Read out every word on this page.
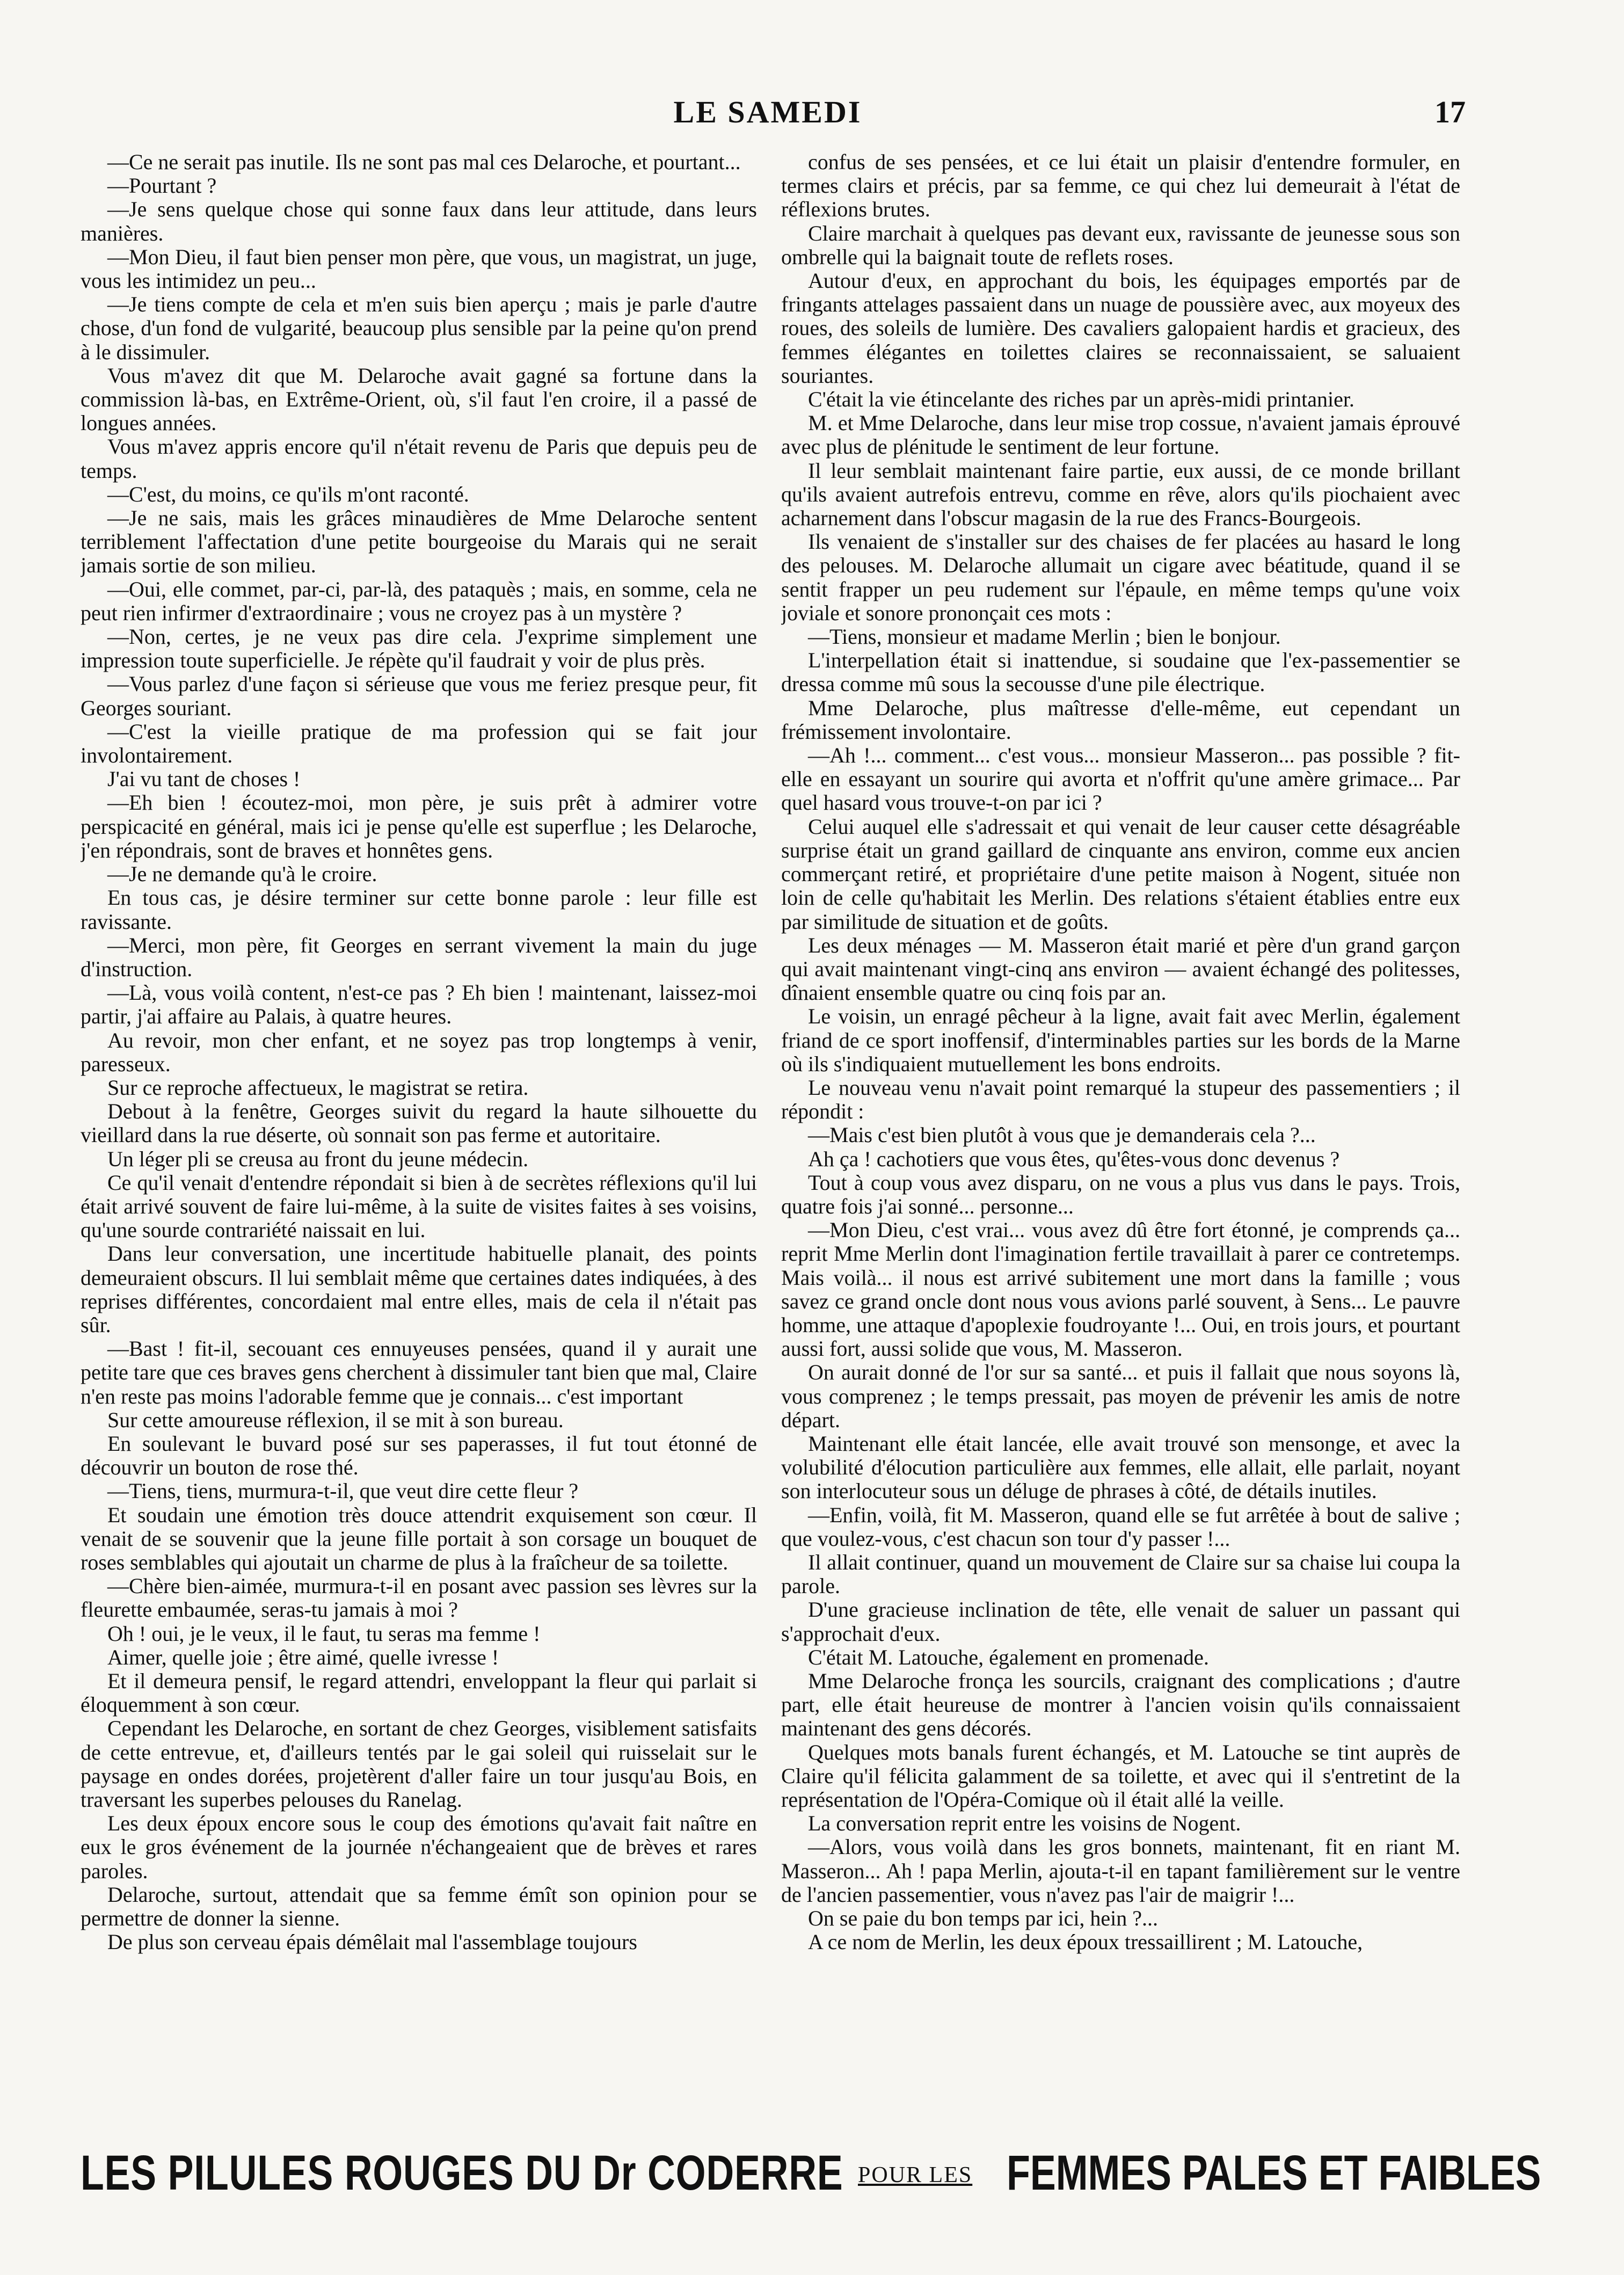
LE SAMEDI	17

—Ce ne serait pas inutile. Ils ne sont pas mal ces Delaroche, et pourtant...

—Pourtant ?

—Je sens quelque chose qui sonne faux dans leur attitude, dans leurs manières.

—Mon Dieu, il faut bien penser mon père, que vous, un magistrat, un juge, vous les intimidez un peu...

—Je tiens compte de cela et m'en suis bien aperçu ; mais je parle d'autre chose, d'un fond de vulgarité, beaucoup plus sensible par la peine qu'on prend à le dissimuler.

Vous m'avez dit que M. Delaroche avait gagné sa fortune dans la commission là-bas, en Extrême-Orient, où, s'il faut l'en croire, il a passé de longues années.

Vous m'avez appris encore qu'il n'était revenu de Paris que depuis peu de temps.

—C'est, du moins, ce qu'ils m'ont raconté.

—Je ne sais, mais les grâces minaudières de Mme Delaroche sentent terriblement l'affectation d'une petite bourgeoise du Marais qui ne serait jamais sortie de son milieu.

—Oui, elle commet, par-ci, par-là, des pataquès ; mais, en somme, cela ne peut rien infirmer d'extraordinaire ; vous ne croyez pas à un mystère ?

—Non, certes, je ne veux pas dire cela. J'exprime simplement une impression toute superficielle. Je répète qu'il faudrait y voir de plus près.

—Vous parlez d'une façon si sérieuse que vous me feriez presque peur, fit Georges souriant.

—C'est la vieille pratique de ma profession qui se fait jour involontairement.

J'ai vu tant de choses !

—Eh bien ! écoutez-moi, mon père, je suis prêt à admirer votre perspicacité en général, mais ici je pense qu'elle est superflue ; les Delaroche, j'en répondrais, sont de braves et honnêtes gens.

—Je ne demande qu'à le croire.

En tous cas, je désire terminer sur cette bonne parole : leur fille est ravissante.

—Merci, mon père, fit Georges en serrant vivement la main du juge d'instruction.

—Là, vous voilà content, n'est-ce pas ? Eh bien ! maintenant, laissez-moi partir, j'ai affaire au Palais, à quatre heures.

Au revoir, mon cher enfant, et ne soyez pas trop longtemps à venir, paresseux.

Sur ce reproche affectueux, le magistrat se retira.

Debout à la fenêtre, Georges suivit du regard la haute silhouette du vieillard dans la rue déserte, où sonnait son pas ferme et autoritaire.

Un léger pli se creusa au front du jeune médecin.

Ce qu'il venait d'entendre répondait si bien à de secrètes réflexions qu'il lui était arrivé souvent de faire lui-même, à la suite de visites faites à ses voisins, qu'une sourde contrariété naissait en lui.

Dans leur conversation, une incertitude habituelle planait, des points demeuraient obscurs. Il lui semblait même que certaines dates indiquées, à des reprises différentes, concordaient mal entre elles, mais de cela il n'était pas sûr.

—Bast ! fit-il, secouant ces ennuyeuses pensées, quand il y aurait une petite tare que ces braves gens cherchent à dissimuler tant bien que mal, Claire n'en reste pas moins l'adorable femme que je connais... c'est important

Sur cette amoureuse réflexion, il se mit à son bureau.

En soulevant le buvard posé sur ses paperasses, il fut tout étonné de découvrir un bouton de rose thé.

—Tiens, tiens, murmura-t-il, que veut dire cette fleur ?

Et soudain une émotion très douce attendrit exquisement son cœur. Il venait de se souvenir que la jeune fille portait à son corsage un bouquet de roses semblables qui ajoutait un charme de plus à la fraîcheur de sa toilette.

—Chère bien-aimée, murmura-t-il en posant avec passion ses lèvres sur la fleurette embaumée, seras-tu jamais à moi ?

Oh ! oui, je le veux, il le faut, tu seras ma femme !

Aimer, quelle joie ; être aimé, quelle ivresse !

Et il demeura pensif, le regard attendri, enveloppant la fleur qui parlait si éloquemment à son cœur.

Cependant les Delaroche, en sortant de chez Georges, visiblement satisfaits de cette entrevue, et, d'ailleurs tentés par le gai soleil qui ruisselait sur le paysage en ondes dorées, projetèrent d'aller faire un tour jusqu'au Bois, en traversant les superbes pelouses du Ranelag.

Les deux époux encore sous le coup des émotions qu'avait fait naître en eux le gros événement de la journée n'échangeaient que de brèves et rares paroles.

Delaroche, surtout, attendait que sa femme émît son opinion pour se permettre de donner la sienne.

De plus son cerveau épais démêlait mal l'assemblage toujours

confus de ses pensées, et ce lui était un plaisir d'entendre formuler, en termes clairs et précis, par sa femme, ce qui chez lui demeurait à l'état de réflexions brutes.

Claire marchait à quelques pas devant eux, ravissante de jeunesse sous son ombrelle qui la baignait toute de reflets roses.

Autour d'eux, en approchant du bois, les équipages emportés par de fringants attelages passaient dans un nuage de poussière avec, aux moyeux des roues, des soleils de lumière. Des cavaliers galopaient hardis et gracieux, des femmes élégantes en toilettes claires se reconnaissaient, se saluaient souriantes.

C'était la vie étincelante des riches par un après-midi printanier.

M. et Mme Delaroche, dans leur mise trop cossue, n'avaient jamais éprouvé avec plus de plénitude le sentiment de leur fortune.

Il leur semblait maintenant faire partie, eux aussi, de ce monde brillant qu'ils avaient autrefois entrevu, comme en rêve, alors qu'ils piochaient avec acharnement dans l'obscur magasin de la rue des Francs-Bourgeois.

Ils venaient de s'installer sur des chaises de fer placées au hasard le long des pelouses. M. Delaroche allumait un cigare avec béatitude, quand il se sentit frapper un peu rudement sur l'épaule, en même temps qu'une voix joviale et sonore prononçait ces mots :

—Tiens, monsieur et madame Merlin ; bien le bonjour.

L'interpellation était si inattendue, si soudaine que l'ex-passementier se dressa comme mû sous la secousse d'une pile électrique.

Mme Delaroche, plus maîtresse d'elle-même, eut cependant un frémissement involontaire.

—Ah !... comment... c'est vous... monsieur Masseron... pas possible ? fit-elle en essayant un sourire qui avorta et n'offrit qu'une amère grimace... Par quel hasard vous trouve-t-on par ici ?

Celui auquel elle s'adressait et qui venait de leur causer cette désagréable surprise était un grand gaillard de cinquante ans environ, comme eux ancien commerçant retiré, et propriétaire d'une petite maison à Nogent, située non loin de celle qu'habitait les Merlin. Des relations s'étaient établies entre eux par similitude de situation et de goûts.

Les deux ménages — M. Masseron était marié et père d'un grand garçon qui avait maintenant vingt-cinq ans environ — avaient échangé des politesses, dînaient ensemble quatre ou cinq fois par an.

Le voisin, un enragé pêcheur à la ligne, avait fait avec Merlin, également friand de ce sport inoffensif, d'interminables parties sur les bords de la Marne où ils s'indiquaient mutuellement les bons endroits.

Le nouveau venu n'avait point remarqué la stupeur des passementiers ; il répondit :

—Mais c'est bien plutôt à vous que je demanderais cela ?...

Ah ça ! cachotiers que vous êtes, qu'êtes-vous donc devenus ?

Tout à coup vous avez disparu, on ne vous a plus vus dans le pays. Trois, quatre fois j'ai sonné... personne...

—Mon Dieu, c'est vrai... vous avez dû être fort étonné, je comprends ça... reprit Mme Merlin dont l'imagination fertile travaillait à parer ce contretemps. Mais voilà... il nous est arrivé subitement une mort dans la famille ; vous savez ce grand oncle dont nous vous avions parlé souvent, à Sens... Le pauvre homme, une attaque d'apoplexie foudroyante !... Oui, en trois jours, et pourtant aussi fort, aussi solide que vous, M. Masseron.

On aurait donné de l'or sur sa santé... et puis il fallait que nous soyons là, vous comprenez ; le temps pressait, pas moyen de prévenir les amis de notre départ.

Maintenant elle était lancée, elle avait trouvé son mensonge, et avec la volubilité d'élocution particulière aux femmes, elle allait, elle parlait, noyant son interlocuteur sous un déluge de phrases à côté, de détails inutiles.

—Enfin, voilà, fit M. Masseron, quand elle se fut arrêtée à bout de salive ; que voulez-vous, c'est chacun son tour d'y passer !...

Il allait continuer, quand un mouvement de Claire sur sa chaise lui coupa la parole.

D'une gracieuse inclination de tête, elle venait de saluer un passant qui s'approchait d'eux.

C'était M. Latouche, également en promenade.

Mme Delaroche fronça les sourcils, craignant des complications ; d'autre part, elle était heureuse de montrer à l'ancien voisin qu'ils connaissaient maintenant des gens décorés.

Quelques mots banals furent échangés, et M. Latouche se tint auprès de Claire qu'il félicita galamment de sa toilette, et avec qui il s'entretint de la représentation de l'Opéra-Comique où il était allé la veille.

La conversation reprit entre les voisins de Nogent.

—Alors, vous voilà dans les gros bonnets, maintenant, fit en riant M. Masseron... Ah ! papa Merlin, ajouta-t-il en tapant familièrement sur le ventre de l'ancien passementier, vous n'avez pas l'air de maigrir !...

On se paie du bon temps par ici, hein ?...

A ce nom de Merlin, les deux époux tressaillirent ; M. Latouche,

LES PILULES ROUGES DU Dr CODERRE POUR LES FEMMES PALES ET FAIBLES
